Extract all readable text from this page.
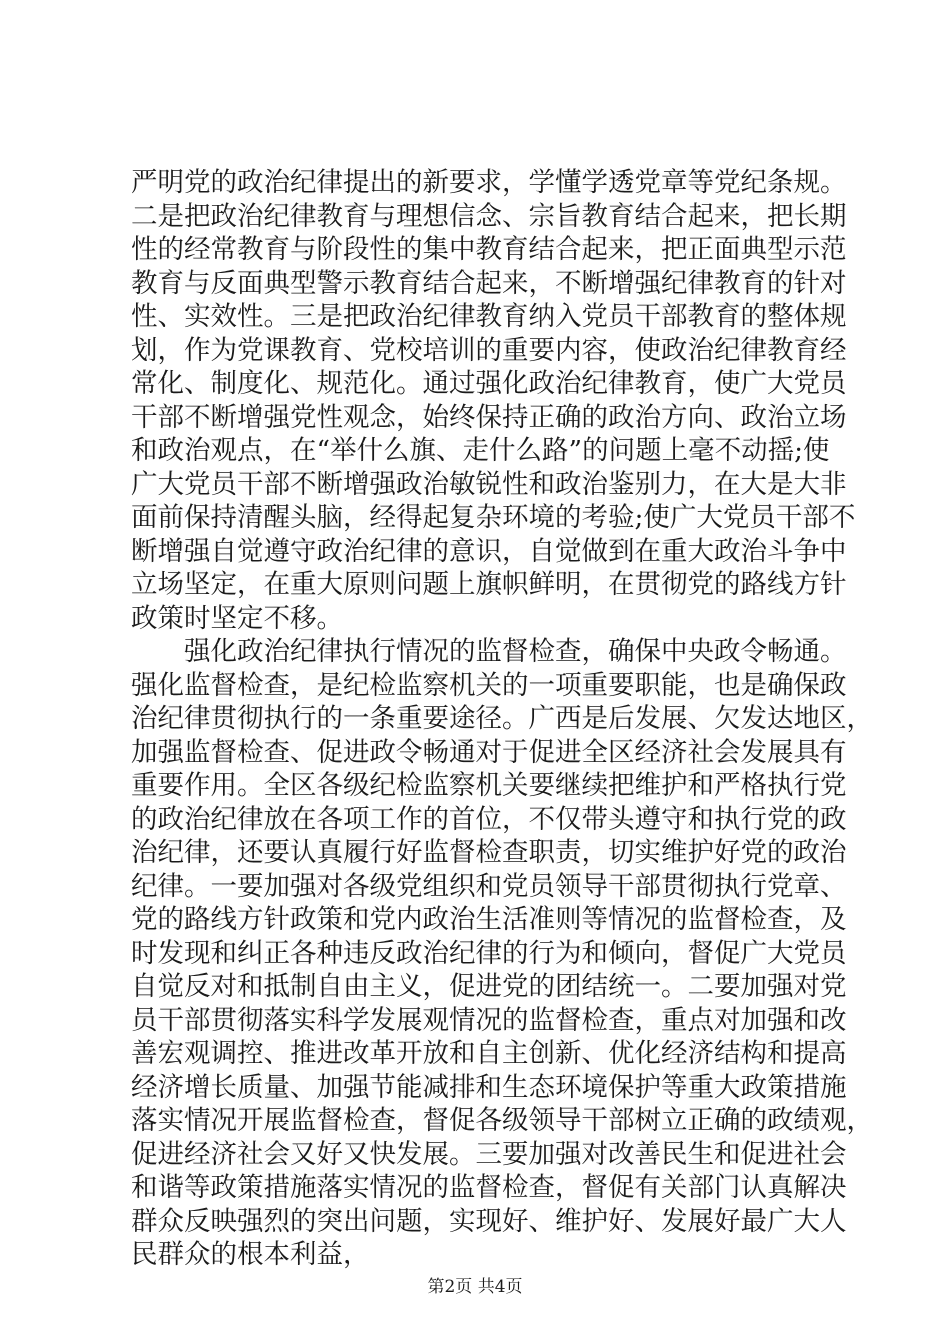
严明党的政治纪律提出的新要求，学懂学透党章等党纪条规。
二是把政治纪律教育与理想信念、宗旨教育结合起来，把长期
性的经常教育与阶段性的集中教育结合起来，把正面典型示范
教育与反面典型警示教育结合起来，不断增强纪律教育的针对
性、实效性。三是把政治纪律教育纳入党员干部教育的整体规
划，作为党课教育、党校培训的重要内容，使政治纪律教育经
常化、制度化、规范化。通过强化政治纪律教育，使广大党员
干部不断增强党性观念，始终保持正确的政治方向、政治立场
和政治观点，在“举什么旗、走什么路”的问题上毫不动摇;使
广大党员干部不断增强政治敏锐性和政治鉴别力，在大是大非
面前保持清醒头脑，经得起复杂环境的考验;使广大党员干部不
断增强自觉遵守政治纪律的意识，自觉做到在重大政治斗争中
立场坚定，在重大原则问题上旗帜鲜明，在贯彻党的路线方针
政策时坚定不移。
强化政治纪律执行情况的监督检查，确保中央政令畅通。
强化监督检查，是纪检监察机关的一项重要职能，也是确保政
治纪律贯彻执行的一条重要途径。广西是后发展、欠发达地区，
加强监督检查、促进政令畅通对于促进全区经济社会发展具有
重要作用。全区各级纪检监察机关要继续把维护和严格执行党
的政治纪律放在各项工作的首位，不仅带头遵守和执行党的政
治纪律，还要认真履行好监督检查职责，切实维护好党的政治
纪律。一要加强对各级党组织和党员领导干部贯彻执行党章、
党的路线方针政策和党内政治生活准则等情况的监督检查，及
时发现和纠正各种违反政治纪律的行为和倾向，督促广大党员
自觉反对和抵制自由主义，促进党的团结统一。二要加强对党
员干部贯彻落实科学发展观情况的监督检查，重点对加强和改
善宏观调控、推进改革开放和自主创新、优化经济结构和提高
经济增长质量、加强节能减排和生态环境保护等重大政策措施
落实情况开展监督检查，督促各级领导干部树立正确的政绩观，
促进经济社会又好又快发展。三要加强对改善民生和促进社会
和谐等政策措施落实情况的监督检查，督促有关部门认真解决
群众反映强烈的突出问题，实现好、维护好、发展好最广大人
民群众的根本利益，
第2页 共4页
